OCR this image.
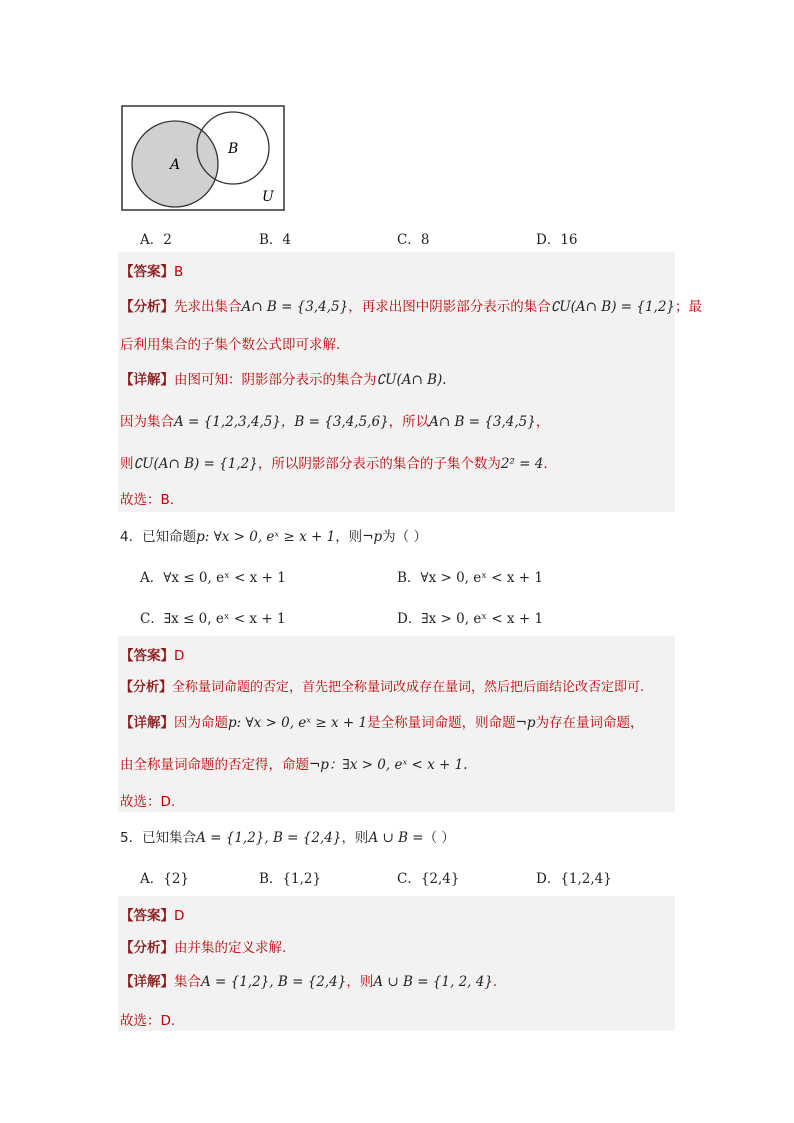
A
B
U
A．2	B．4	C．8	D．16
【答案】B
【分析】先求出集合A∩ B = {3,4,5}，再求出图中阴影部分表示的集合∁U(A∩ B) = {1,2}；最
后利用集合的子集个数公式即可求解.
【详解】由图可知：阴影部分表示的集合为∁U(A∩ B).
因为集合A = {1,2,3,4,5}，B = {3,4,5,6}，所以A∩ B = {3,4,5}，
则∁U(A∩ B) = {1,2}，所以阴影部分表示的集合的子集个数为2² = 4.
故选：B.
4．已知命题p: ∀x > 0, eˣ ≥ x + 1，则¬p为（ ）
A．∀x ≤ 0, eˣ < x + 1	B．∀x > 0, eˣ < x + 1
C．∃x ≤ 0, eˣ < x + 1	D．∃x > 0, eˣ < x + 1
【答案】D
【分析】全称量词命题的否定，首先把全称量词改成存在量词，然后把后面结论改否定即可.
【详解】因为命题p: ∀x > 0, eˣ ≥ x + 1是全称量词命题，则命题¬p为存在量词命题，
由全称量词命题的否定得，命题¬p：∃x > 0, eˣ < x + 1.
故选：D.
5．已知集合A = {1,2}, B = {2,4}，则A ∪ B =（ ）
A．{2}	B．{1,2}	C．{2,4}	D．{1,2,4}
【答案】D
【分析】由并集的定义求解.
【详解】集合A = {1,2}, B = {2,4}，则A ∪ B = {1, 2, 4}.
故选：D.
